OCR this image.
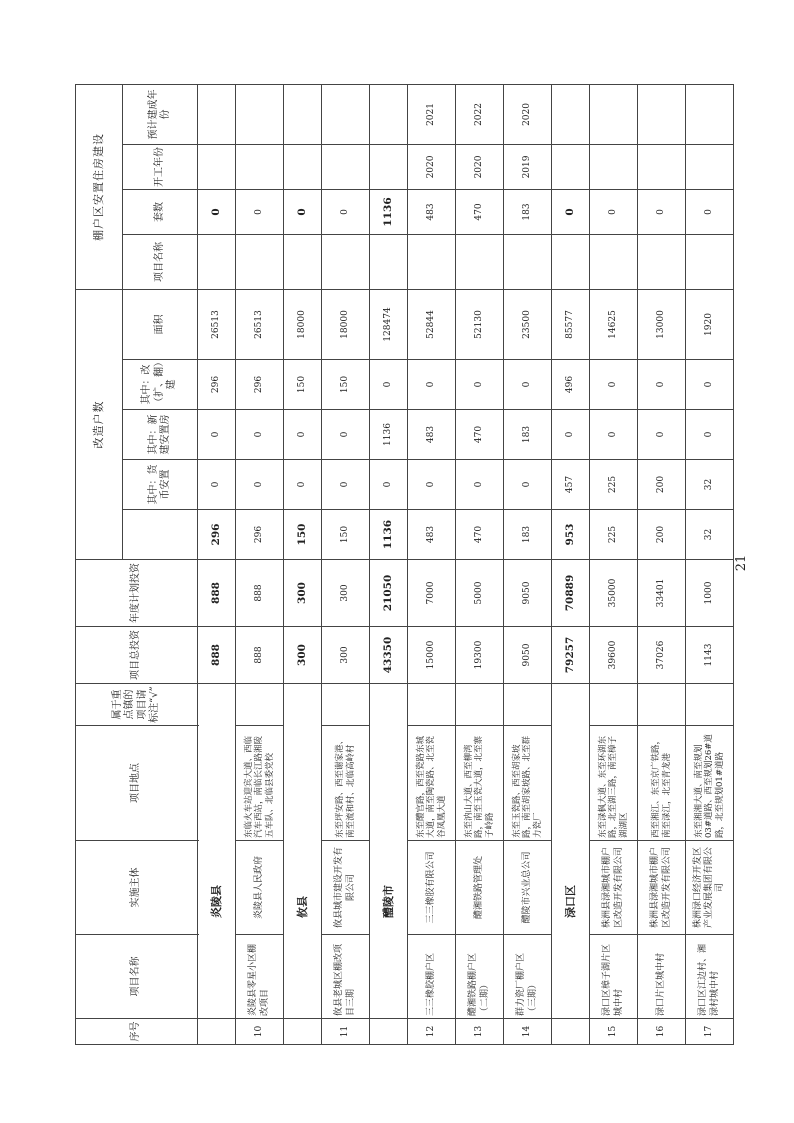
序号	项目名称	实施主体	项目地点	属于重点镇的项目请标注“√”	项目总投资	年度计划投资	改造户数					棚户区安置住房建设			
								其中：货币安置	其中：新建安置房	其中：改（扩、翻）建	面积	项目名称	套数	开工年份	预计建成年份

	炎陵县				888	888	296	0	0	296	26513		0		
10	炎陵县零星小区棚改项目	炎陵县人民政府	东临火车站迎宾大道、西临汽车西站，南临长江路湘陵五车队、北临县委党校		888	888	296	0	0	296	26513		0		
	攸县				300	300	150	0	0	150	18000		0		
11	攸县老城区棚改项目三期	攸县城市建设开发有限公司	东至坪安路、西至谢家港、南至流和村、北临高岭村		300	300	150	0	0	150	18000		0		
	醴陵市				43350	21050	1136	0	1136	0	128474		1136		
12	三三橡胶棚户区	三三橡胶有限公司	东至醴官路，西至瓷路东城大道，南至陶瓷路、北至瓷谷凤凰大道		15000	7000	483	0	483	0	52844		483	2020	2021
13	醴湘铁路棚户区（二期）	醴湘铁路管理处	东至汭山大道、西至柳湾路，南至玉瓷大道，北至寨子岭路		19300	5000	470	0	470	0	52130		470	2020	2022
14	群力瓷厂棚户区（三期）	醴陵市兴业总公司	东至玉瓷路、西至胡家坡路，南至胡家坡路、北至群力瓷厂		9050	9050	183	0	183	0	23500		183	2019	2020
	渌口区				79257	70889	953	457	0	496	85577		0		
15	渌口区樟子湖片区城中村	株洲县渌湘城市棚户区改造开发有限公司	东至渌枫大道、东至环湖东路，北至湖三路，南至樟子湖湖区		39600	35000	225	225	0	0	14625		0		
16	渌口片区城中村	株洲县渌湘城市棚户区改造开发有限公司	西至湘江、东至京广铁路，南至渌江，北至青龙港		37026	33401	200	200	0	0	13000		0		
17	渌口区江边村、湘渌村城中村	株洲渌口经济开发区产业发展集团有限公司	东至湘湘大道、南至规划03#道路、西至规划26#道路，北至规划01#道路		1143	1000	32	32	0	0	1920		0		
21
